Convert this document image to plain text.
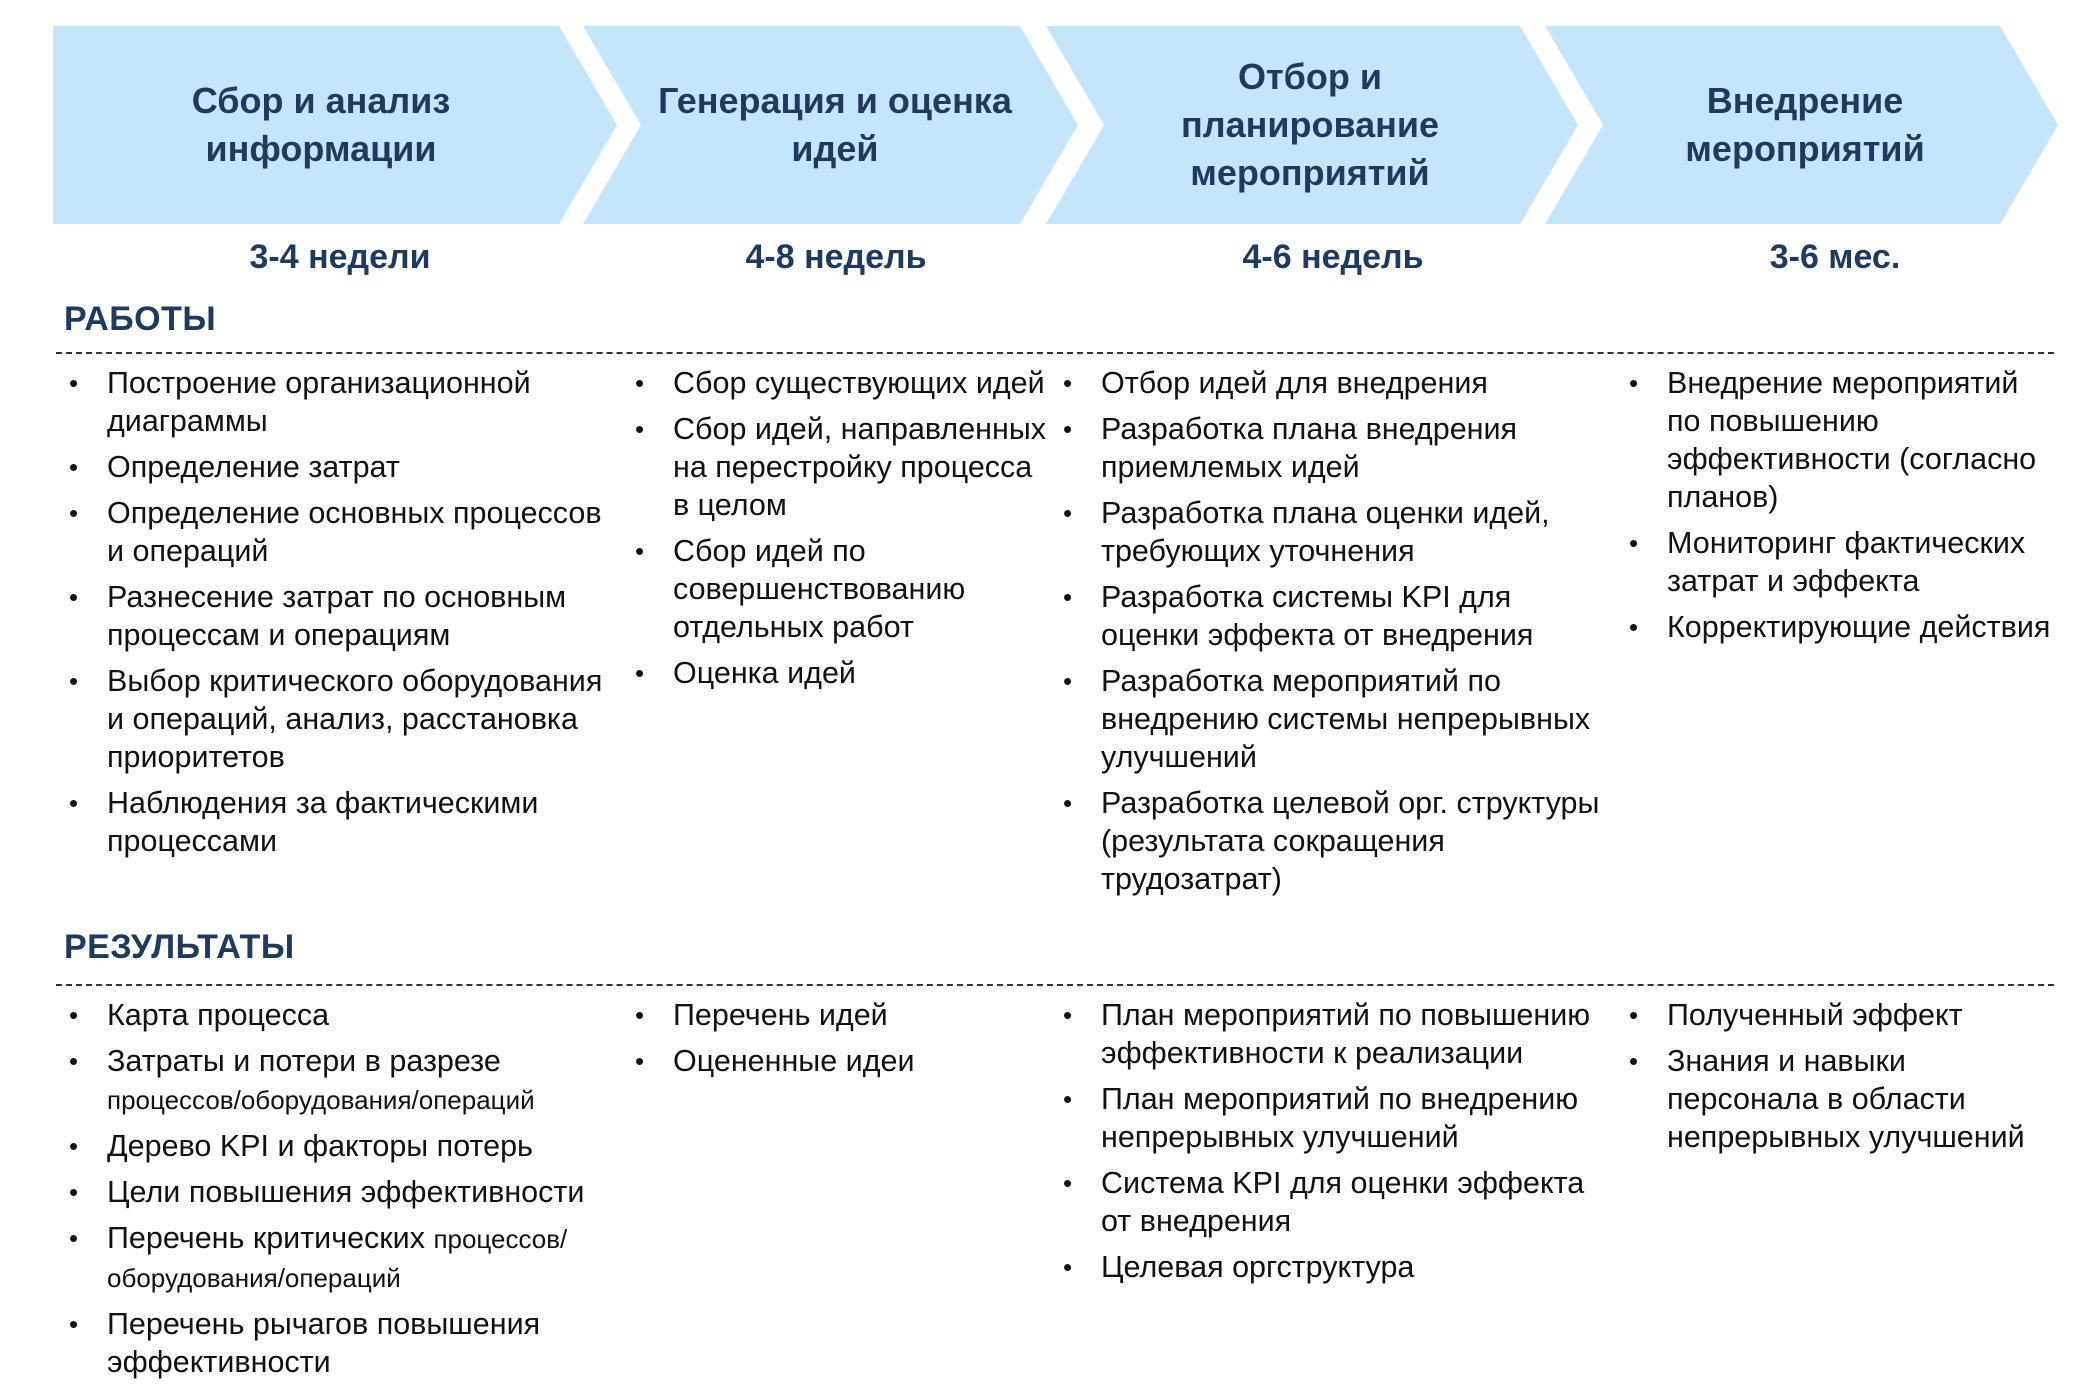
Сбор и анализ
информации
Генерация и оценка
идей
Отбор и
планирование
мероприятий
Внедрение
мероприятий
3-4 недели	4-8 недель	4-6 недель	3-6 мес.
РАБОТЫ
• Построение организационной диаграммы
• Определение затрат
• Определение основных процессов и операций
• Разнесение затрат по основным процессам и операциям
• Выбор критического оборудования и операций, анализ, расстановка приоритетов
• Наблюдения за фактическими процессами
• Сбор существующих идей
• Сбор идей, направленных на перестройку процесса в целом
• Сбор идей по совершенствованию отдельных работ
• Оценка идей
• Отбор идей для внедрения
• Разработка плана внедрения приемлемых идей
• Разработка плана оценки идей, требующих уточнения
• Разработка системы KPI для оценки эффекта от внедрения
• Разработка мероприятий по внедрению системы непрерывных улучшений
• Разработка целевой орг. структуры (результата сокращения трудозатрат)
• Внедрение мероприятий по повышению эффективности (согласно планов)
• Мониторинг фактических затрат и эффекта
• Корректирующие действия
РЕЗУЛЬТАТЫ
• Карта процесса
• Затраты и потери в разрезе
процессов/оборудования/операций
• Дерево KPI и факторы потерь
• Цели повышения эффективности
• Перечень критических процессов/ оборудования/операций
• Перечень рычагов повышения эффективности
• Перечень идей
• Оцененные идеи
• План мероприятий по повышению эффективности к реализации
• План мероприятий по внедрению непрерывных улучшений
• Система KPI для оценки эффекта от внедрения
• Целевая оргструктура
• Полученный эффект
• Знания и навыки персонала в области непрерывных улучшений
